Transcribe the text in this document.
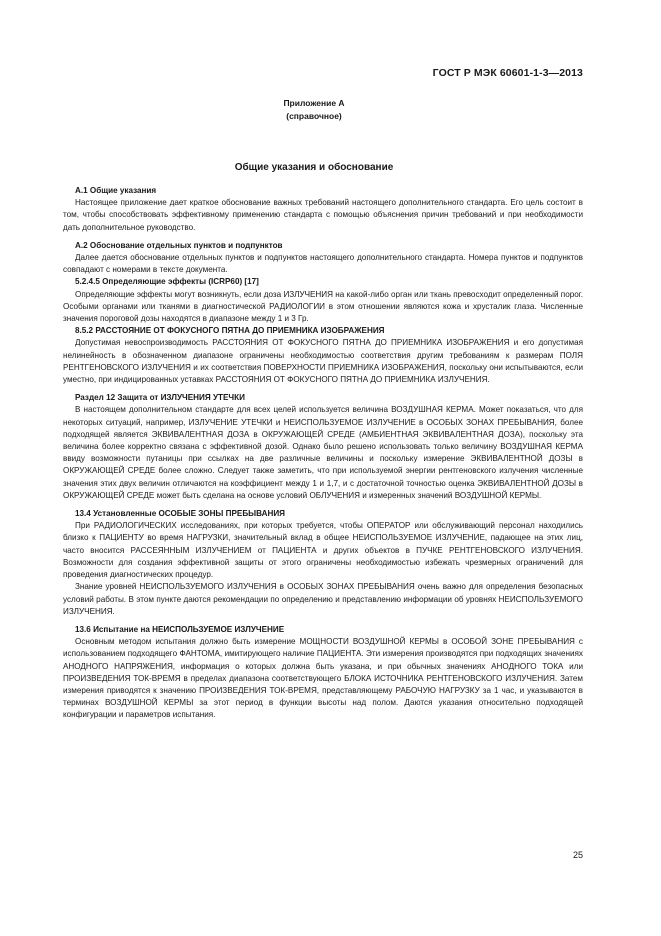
ГОСТ Р МЭК 60601-1-3—2013
Приложение А
(справочное)
Общие указания и обоснование

А.1 Общие указания

Настоящее приложение дает краткое обоснование важных требований настоящего дополнительного стандарта. Его цель состоит в том, чтобы способствовать эффективному применению стандарта с помощью объяснения причин требований и при необходимости дать дополнительное руководство.

А.2 Обоснование отдельных пунктов и подпунктов

Далее дается обоснование отдельных пунктов и подпунктов настоящего дополнительного стандарта. Номера пунктов и подпунктов совпадают с номерами в тексте документа.

5.2.4.5 Определяющие эффекты (ICRP60) [17]

Определяющие эффекты могут возникнуть, если доза ИЗЛУЧЕНИЯ на какой-либо орган или ткань превосходит определенный порог. Особыми органами или тканями в диагностической РАДИОЛОГИИ в этом отношении являются кожа и хрусталик глаза. Численные значения пороговой дозы находятся в диапазоне между 1 и 3 Гр.

8.5.2 РАССТОЯНИЕ ОТ ФОКУСНОГО ПЯТНА ДО ПРИЕМНИКА ИЗОБРАЖЕНИЯ

Допустимая невоспроизводимость РАССТОЯНИЯ ОТ ФОКУСНОГО ПЯТНА ДО ПРИЕМНИКА ИЗОБРАЖЕНИЯ и его допустимая нелинейность в обозначенном диапазоне ограничены необходимостью соответствия другим требованиям к размерам ПОЛЯ РЕНТГЕНОВСКОГО ИЗЛУЧЕНИЯ и их соответствия ПОВЕРХНОСТИ ПРИЕМНИКА ИЗОБРАЖЕНИЯ, поскольку они испытываются, если уместно, при индицированных уставках РАССТОЯНИЯ ОТ ФОКУСНОГО ПЯТНА ДО ПРИЕМНИКА ИЗЛУЧЕНИЯ.

Раздел 12 Защита от ИЗЛУЧЕНИЯ УТЕЧКИ

В настоящем дополнительном стандарте для всех целей используется величина ВОЗДУШНАЯ КЕРМА. Может показаться, что для некоторых ситуаций, например, ИЗЛУЧЕНИЕ УТЕЧКИ и НЕИСПОЛЬЗУЕМОЕ ИЗЛУЧЕНИЕ в ОСОБЫХ ЗОНАХ ПРЕБЫВАНИЯ, более подходящей является ЭКВИВАЛЕНТНАЯ ДОЗА в ОКРУЖАЮЩЕЙ СРЕДЕ (АМБИЕНТНАЯ ЭКВИВАЛЕНТНАЯ ДОЗА), поскольку эта величина более корректно связана с эффективной дозой. Однако было решено использовать только величину ВОЗДУШНАЯ КЕРМА ввиду возможности путаницы при ссылках на две различные величины и поскольку измерение ЭКВИВАЛЕНТНОЙ ДОЗЫ в ОКРУЖАЮЩЕЙ СРЕДЕ более сложно. Следует также заметить, что при используемой энергии рентгеновского излучения численные значения этих двух величин отличаются на коэффициент между 1 и 1,7, и с достаточной точностью оценка ЭКВИВАЛЕНТНОЙ ДОЗЫ в ОКРУЖАЮЩЕЙ СРЕДЕ может быть сделана на основе условий ОБЛУЧЕНИЯ и измеренных значений ВОЗДУШНОЙ КЕРМЫ.

13.4 Установленные ОСОБЫЕ ЗОНЫ ПРЕБЫВАНИЯ

При РАДИОЛОГИЧЕСКИХ исследованиях, при которых требуется, чтобы ОПЕРАТОР или обслуживающий персонал находились близко к ПАЦИЕНТУ во время НАГРУЗКИ, значительный вклад в общее НЕИСПОЛЬЗУЕМОЕ ИЗЛУЧЕНИЕ, падающее на этих лиц, часто вносится РАССЕЯННЫМ ИЗЛУЧЕНИЕМ от ПАЦИЕНТА и других объектов в ПУЧКЕ РЕНТГЕНОВСКОГО ИЗЛУЧЕНИЯ. Возможности для создания эффективной защиты от этого ограничены необходимостью избежать чрезмерных ограничений для проведения диагностических процедур.

Знание уровней НЕИСПОЛЬЗУЕМОГО ИЗЛУЧЕНИЯ в ОСОБЫХ ЗОНАХ ПРЕБЫВАНИЯ очень важно для определения безопасных условий работы. В этом пункте даются рекомендации по определению и представлению информации об уровнях НЕИСПОЛЬЗУЕМОГО ИЗЛУЧЕНИЯ.

13.6 Испытание на НЕИСПОЛЬЗУЕМОЕ ИЗЛУЧЕНИЕ

Основным методом испытания должно быть измерение МОЩНОСТИ ВОЗДУШНОЙ КЕРМЫ в ОСОБОЙ ЗОНЕ ПРЕБЫВАНИЯ с использованием подходящего ФАНТОМА, имитирующего наличие ПАЦИЕНТА. Эти измерения производятся при подходящих значениях АНОДНОГО НАПРЯЖЕНИЯ, информация о которых должна быть указана, и при обычных значениях АНОДНОГО ТОКА или ПРОИЗВЕДЕНИЯ ТОК-ВРЕМЯ в пределах диапазона соответствующего БЛОКА ИСТОЧНИКА РЕНТГЕНОВСКОГО ИЗЛУЧЕНИЯ. Затем измерения приводятся к значению ПРОИЗВЕДЕНИЯ ТОК-ВРЕМЯ, представляющему РАБОЧУЮ НАГРУЗКУ за 1 час, и указываются в терминах ВОЗДУШНОЙ КЕРМЫ за этот период в функции высоты над полом. Даются указания относительно подходящей конфигурации и параметров испытания.

25
